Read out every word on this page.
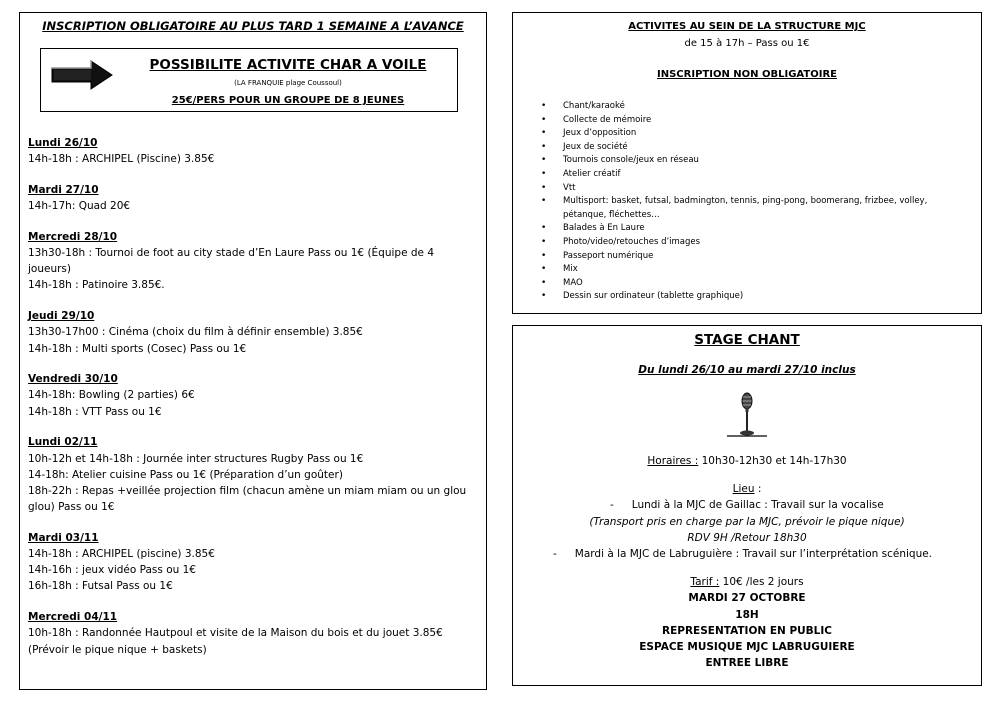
INSCRIPTION OBLIGATOIRE AU PLUS TARD 1 SEMAINE A L’AVANCE
POSSIBILITE ACTIVITE CHAR A VOILE
(LA FRANQUIE plage Coussoul)
25€/PERS POUR UN GROUPE DE 8 JEUNES
Lundi 26/10
14h-18h : ARCHIPEL (Piscine) 3.85€
Mardi 27/10
14h-17h: Quad 20€
Mercredi 28/10
13h30-18h : Tournoi de foot au city stade d’En Laure Pass ou 1€ (Équipe de 4
joueurs)
14h-18h : Patinoire 3.85€.
Jeudi 29/10
13h30-17h00 : Cinéma (choix du film à définir ensemble) 3.85€
14h-18h : Multi sports (Cosec) Pass ou 1€
Vendredi 30/10
14h-18h: Bowling (2 parties) 6€
14h-18h : VTT Pass ou 1€
Lundi 02/11
10h-12h et 14h-18h : Journée inter structures Rugby Pass ou 1€
14-18h: Atelier cuisine Pass ou 1€ (Préparation d’un goûter)
18h-22h : Repas +veillée projection film (chacun amène un miam miam ou un glou
glou) Pass ou 1€
Mardi 03/11
14h-18h : ARCHIPEL (piscine) 3.85€
14h-16h : jeux vidéo Pass ou 1€
16h-18h : Futsal Pass ou 1€
Mercredi 04/11
10h-18h : Randonnée Hautpoul et visite de la Maison du bois et du jouet 3.85€
(Prévoir le pique nique + baskets)
ACTIVITES AU SEIN DE LA STRUCTURE MJC
de 15 à 17h – Pass ou 1€
INSCRIPTION NON OBLIGATOIRE
• Chant/karaoké
• Collecte de mémoire
• Jeux d’opposition
• Jeux de société
• Tournois console/jeux en réseau
• Atelier créatif
• Vtt
• Multisport: basket, futsal, badmington, tennis, ping-pong, boomerang, frizbee, volley,
pétanque, fléchettes…
• Balades à En Laure
• Photo/video/retouches d’images
• Passeport numérique
• Mix
• MAO
• Dessin sur ordinateur (tablette graphique)
STAGE CHANT
Du lundi 26/10 au mardi 27/10 inclus
Horaires : 10h30-12h30 et 14h-17h30
Lieu :
- Lundi à la MJC de Gaillac : Travail sur la vocalise
(Transport pris en charge par la MJC, prévoir le pique nique)
RDV 9H /Retour 18h30
- Mardi à la MJC de Labruguière : Travail sur l’interprétation scénique.
Tarif : 10€ /les 2 jours
MARDI 27 OCTOBRE
18H
REPRESENTATION EN PUBLIC
ESPACE MUSIQUE MJC LABRUGUIERE
ENTREE LIBRE
